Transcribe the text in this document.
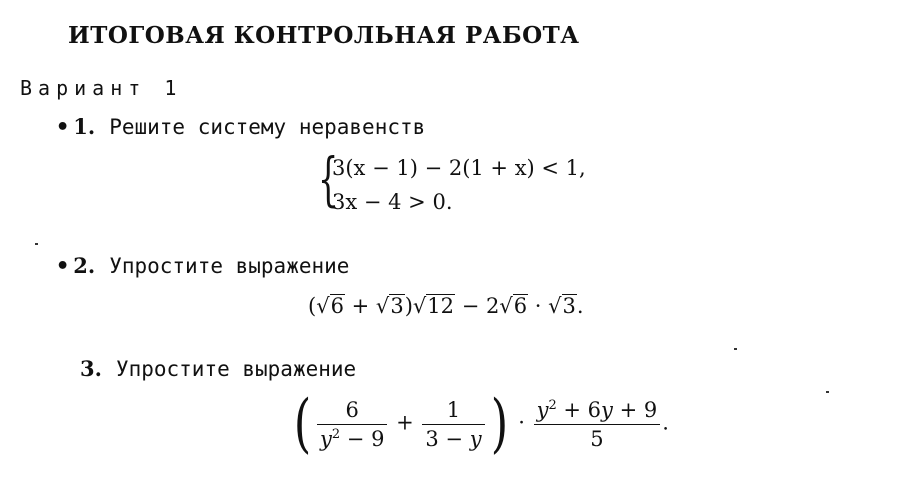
ИТОГОВАЯ КОНТРОЛЬНАЯ РАБОТА
Вариант 1
• 1. Решите систему неравенств
{
3(x − 1) − 2(1 + x) < 1,
3x − 4 > 0.
• 2. Упростите выражение
(√6 + √3)√12 − 2√6 · √3.
3. Упростите выражение
( $\frac{6}{y^2 - 9} + \frac{1}{3 - y}$ ) · $\frac{y^2 + 6y + 9}{5}$ .
